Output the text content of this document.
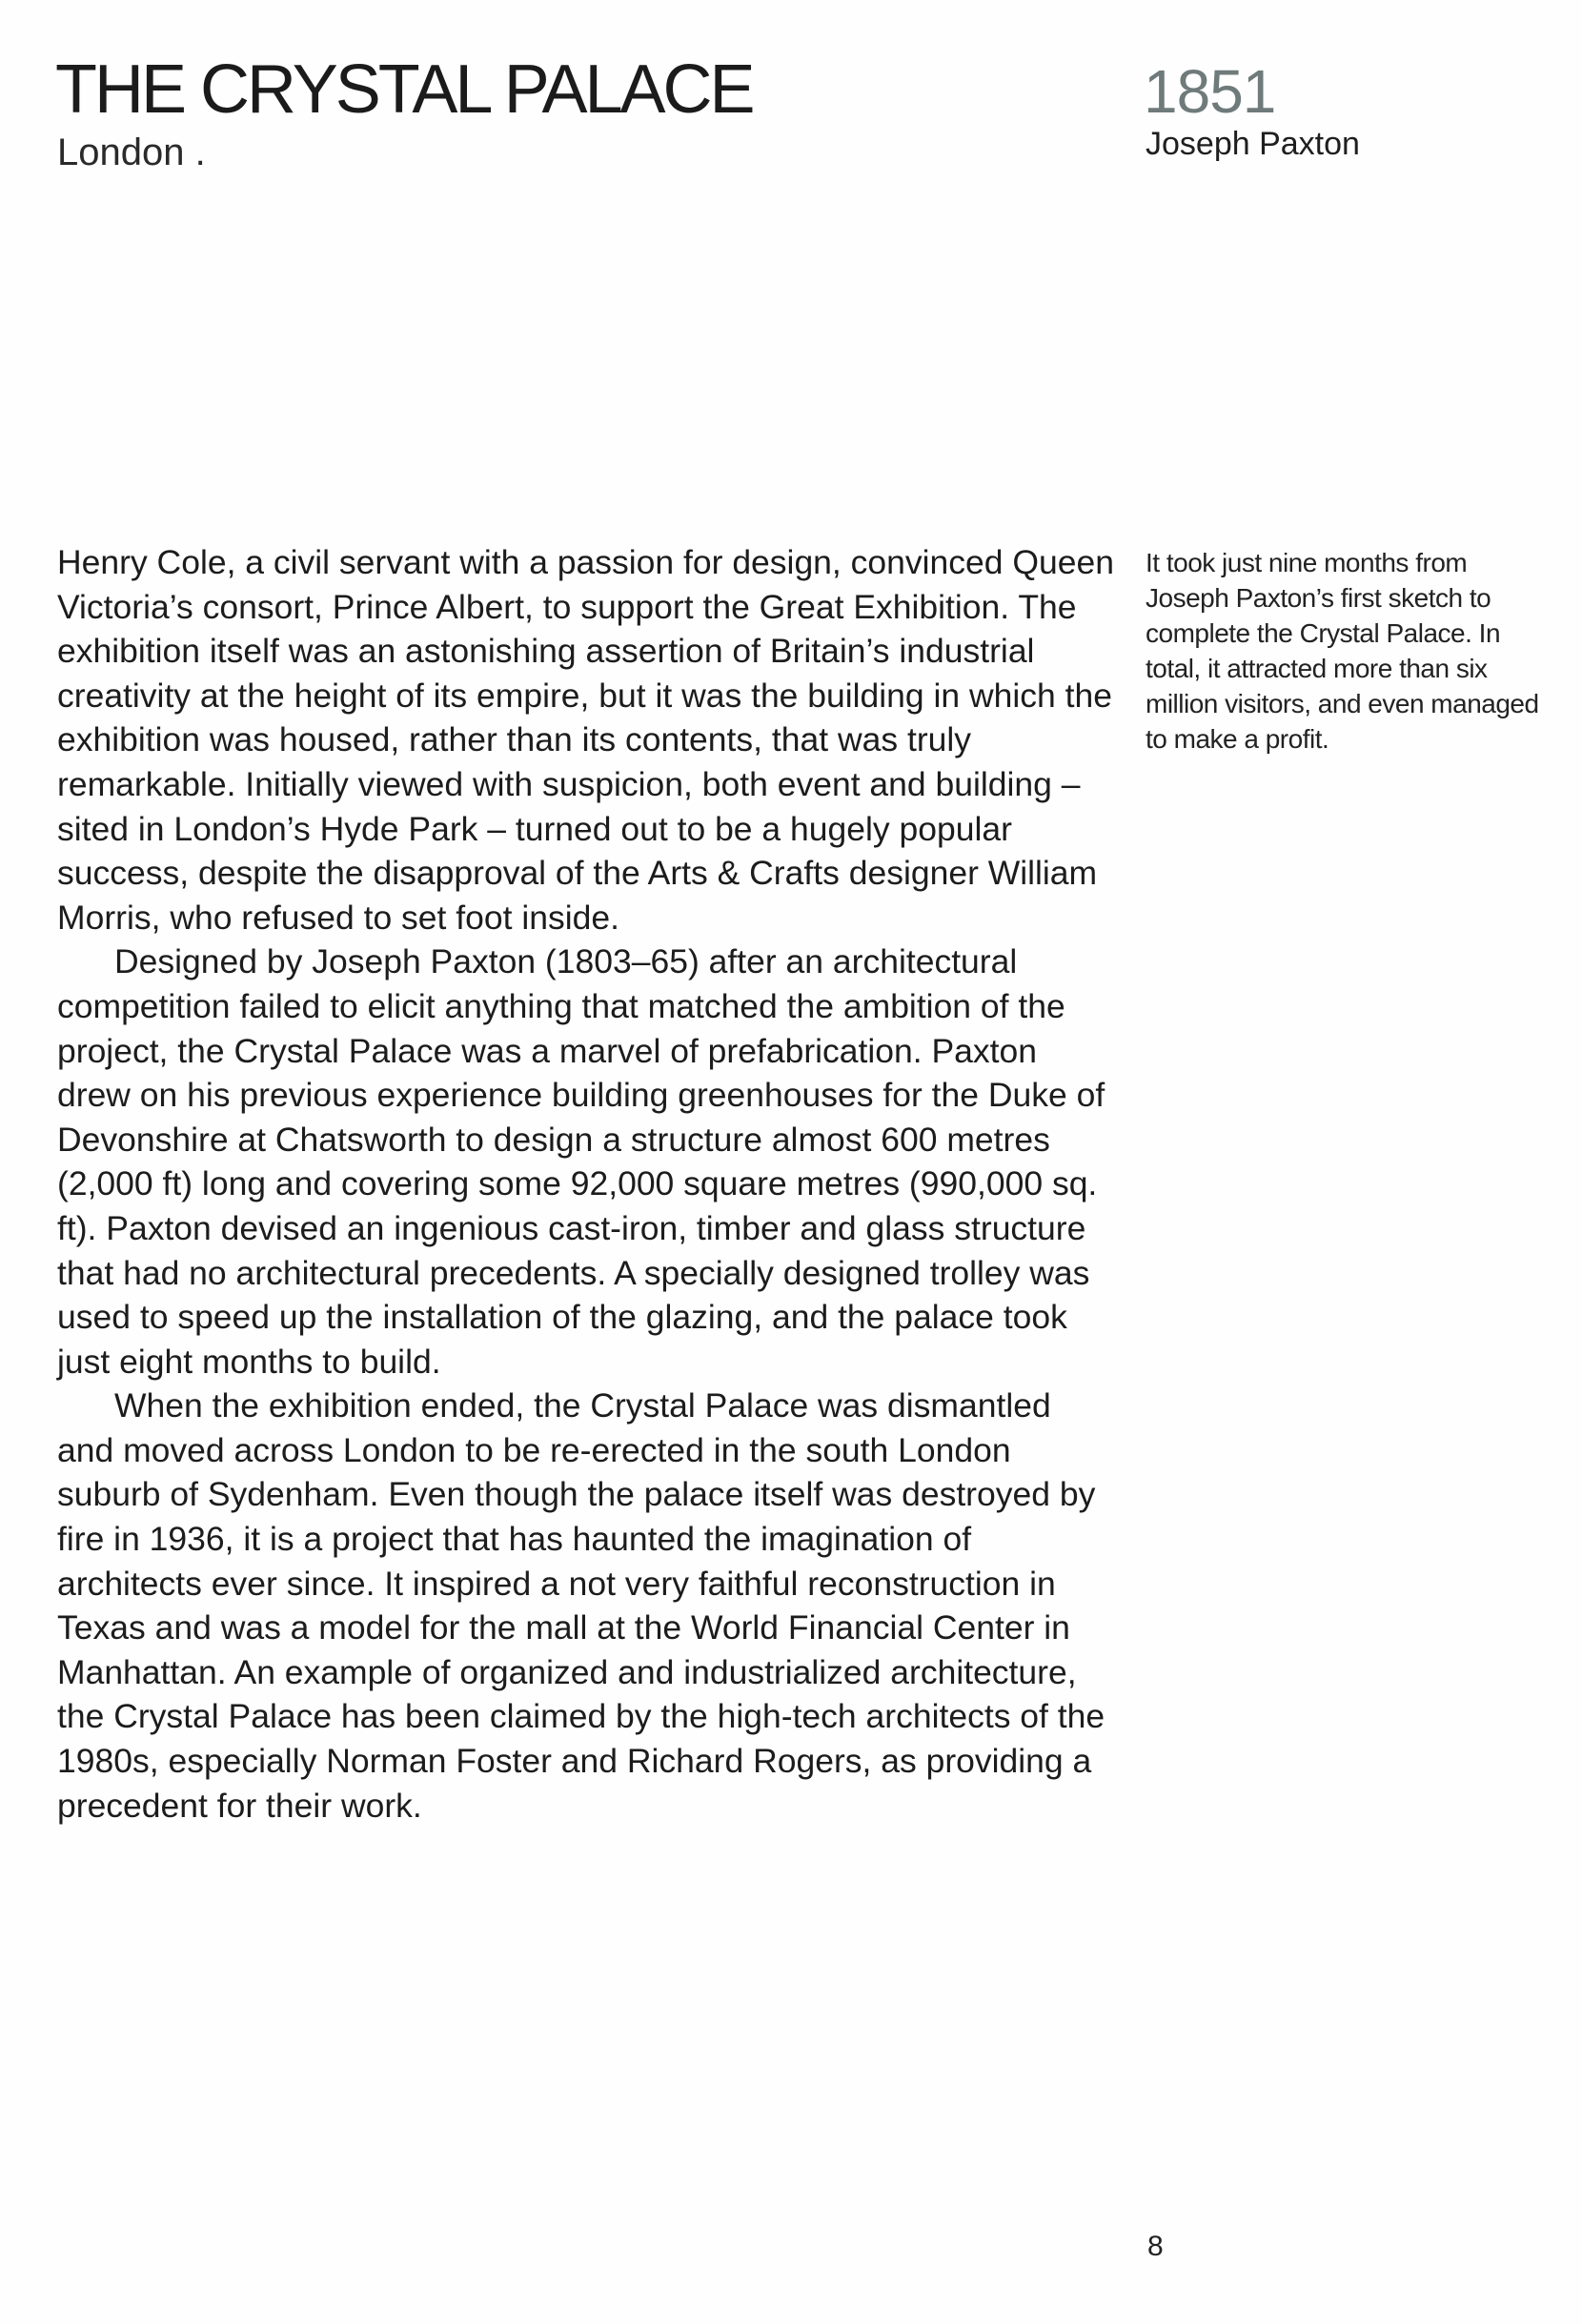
THE CRYSTAL PALACE
London .
1851
Joseph Paxton

Henry Cole, a civil servant with a passion for design, convinced Queen Victoria’s consort, Prince Albert, to support the Great Exhibition. The exhibition itself was an astonishing assertion of Britain’s industrial creativity at the height of its empire, but it was the building in which the exhibition was housed, rather than its contents, that was truly remarkable. Initially viewed with suspicion, both event and building – sited in London’s Hyde Park – turned out to be a hugely popular success, despite the disapproval of the Arts & Crafts designer William Morris, who refused to set foot inside.

Designed by Joseph Paxton (1803–65) after an architectural competition failed to elicit anything that matched the ambition of the project, the Crystal Palace was a marvel of prefabrication. Paxton drew on his previous experience building greenhouses for the Duke of Devonshire at Chatsworth to design a structure almost 600 metres (2,000 ft) long and covering some 92,000 square metres (990,000 sq. ft). Paxton devised an ingenious cast-iron, timber and glass structure that had no architectural precedents. A specially designed trolley was used to speed up the installation of the glazing, and the palace took just eight months to build.

When the exhibition ended, the Crystal Palace was dismantled and moved across London to be re-erected in the south London suburb of Sydenham. Even though the palace itself was destroyed by fire in 1936, it is a project that has haunted the imagination of architects ever since. It inspired a not very faithful reconstruction in Texas and was a model for the mall at the World Financial Center in Manhattan. An example of organized and industrialized architecture, the Crystal Palace has been claimed by the high-tech architects of the 1980s, especially Norman Foster and Richard Rogers, as providing a precedent for their work.

It took just nine months from Joseph Paxton’s first sketch to complete the Crystal Palace. In total, it attracted more than six million visitors, and even managed to make a profit.

8
